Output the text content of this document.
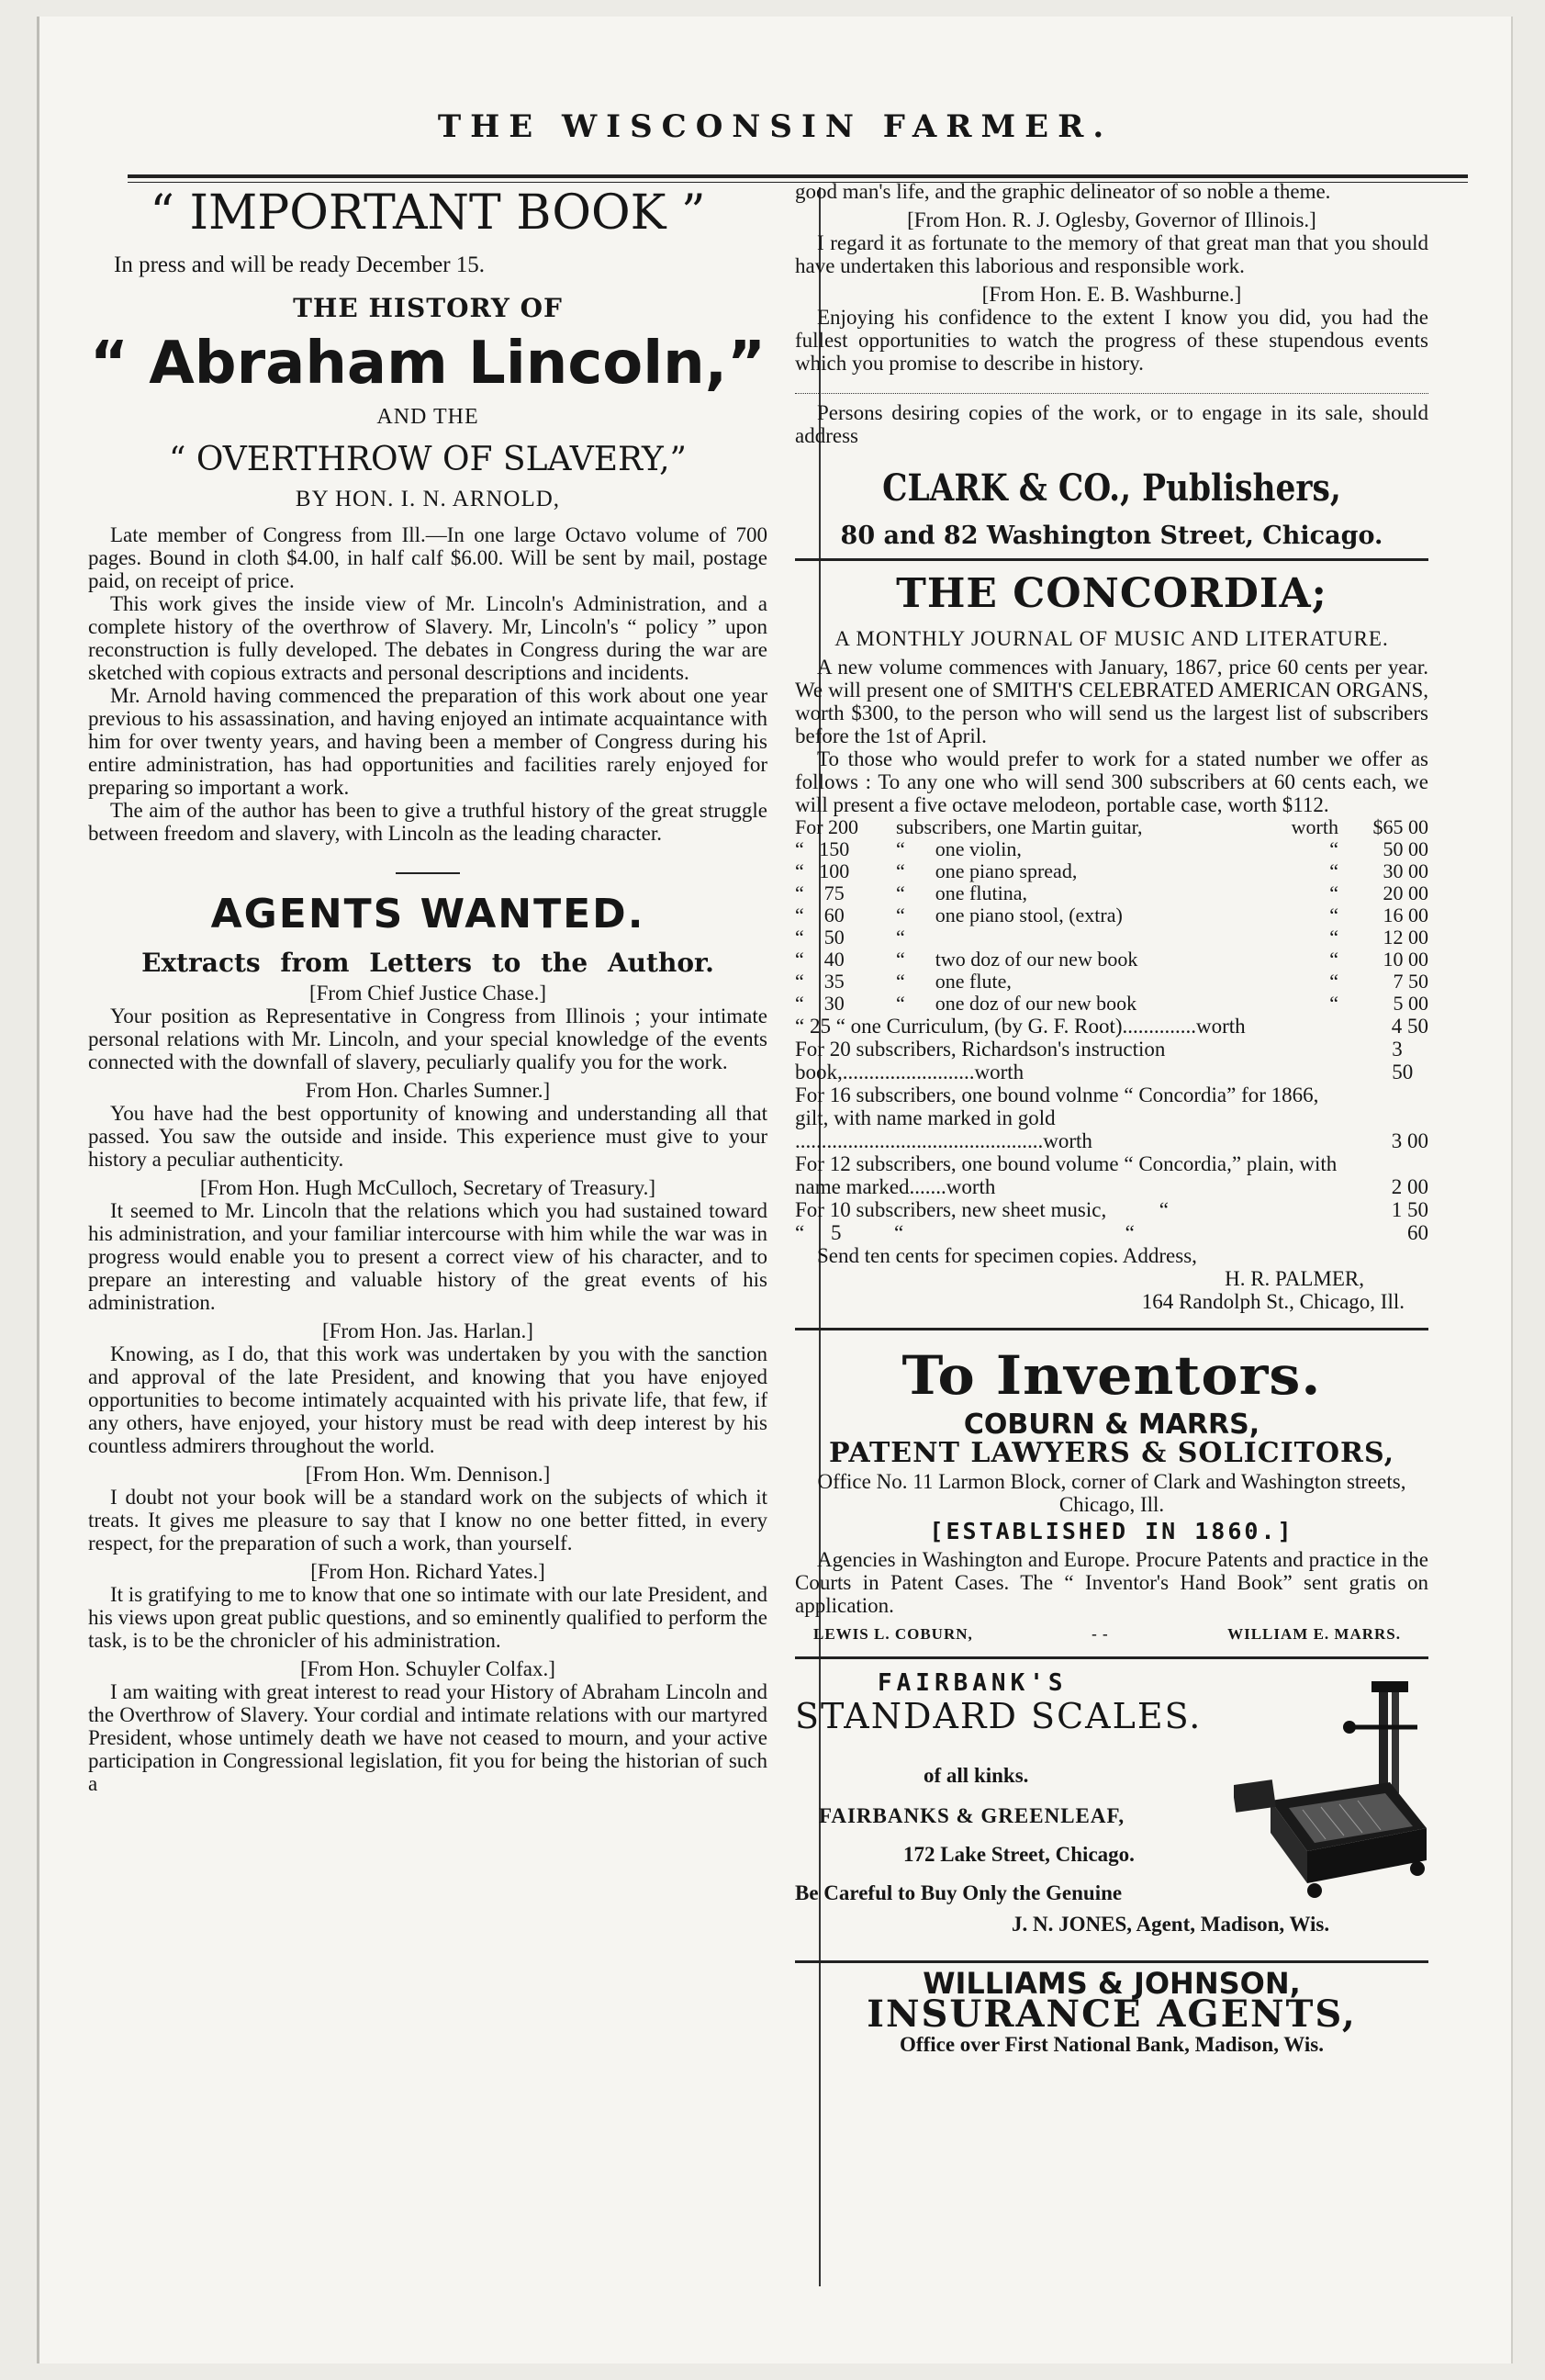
THE WISCONSIN FARMER.
“ IMPORTANT BOOK ”
In press and will be ready December 15.
THE HISTORY OF
“ Abraham Lincoln,”
AND THE
“ OVERTHROW OF SLAVERY,”
BY HON. I. N. ARNOLD,

Late member of Congress from Ill.—In one large Octavo volume of 700 pages. Bound in cloth $4.00, in half calf $6.00. Will be sent by mail, postage paid, on receipt of price.

This work gives the inside view of Mr. Lincoln's Administration, and a complete history of the overthrow of Slavery. Mr, Lincoln's “ policy ” upon reconstruction is fully developed. The debates in Congress during the war are sketched with copious extracts and personal descriptions and incidents.

Mr. Arnold having commenced the preparation of this work about one year previous to his assassination, and having enjoyed an intimate acquaintance with him for over twenty years, and having been a member of Congress during his entire administration, has had opportunities and facilities rarely enjoyed for preparing so important a work.

The aim of the author has been to give a truthful history of the great struggle between freedom and slavery, with Lincoln as the leading character.

AGENTS WANTED.
Extracts from Letters to the Author.
[From Chief Justice Chase.]

Your position as Representative in Congress from Illinois ; your intimate personal relations with Mr. Lincoln, and your special knowledge of the events connected with the downfall of slavery, peculiarly qualify you for the work.

From Hon. Charles Sumner.]

You have had the best opportunity of knowing and understanding all that passed. You saw the outside and inside. This experience must give to your history a peculiar authenticity.

[From Hon. Hugh McCulloch, Secretary of Treasury.]

It seemed to Mr. Lincoln that the relations which you had sustained toward his administration, and your familiar intercourse with him while the war was in progress would enable you to present a correct view of his character, and to prepare an interesting and valuable history of the great events of his administration.

[From Hon. Jas. Harlan.]

Knowing, as I do, that this work was undertaken by you with the sanction and approval of the late President, and knowing that you have enjoyed opportunities to become intimately acquainted with his private life, that few, if any others, have enjoyed, your history must be read with deep interest by his countless admirers throughout the world.

[From Hon. Wm. Dennison.]

I doubt not your book will be a standard work on the subjects of which it treats. It gives me pleasure to say that I know no one better fitted, in every respect, for the preparation of such a work, than yourself.

[From Hon. Richard Yates.]

It is gratifying to me to know that one so intimate with our late President, and his views upon great public questions, and so eminently qualified to perform the task, is to be the chronicler of his administration.

[From Hon. Schuyler Colfax.]

I am waiting with great interest to read your History of Abraham Lincoln and the Overthrow of Slavery. Your cordial and intimate relations with our martyred President, whose untimely death we have not ceased to mourn, and your active participation in Congressional legislation, fit you for being the historian of such a

good man's life, and the graphic delineator of so noble a theme.

[From Hon. R. J. Oglesby, Governor of Illinois.]

I regard it as fortunate to the memory of that great man that you should have undertaken this laborious and responsible work.

[From Hon. E. B. Washburne.]

Enjoying his confidence to the extent I know you did, you had the fullest opportunities to watch the progress of these stupendous events which you promise to describe in history.

Persons desiring copies of the work, or to engage in its sale, should address

CLARK & CO., Publishers,
80 and 82 Washington Street, Chicago.
THE CONCORDIA;
A MONTHLY JOURNAL OF MUSIC AND LITERATURE.

A new volume commences with January, 1867, price 60 cents per year. We will present one of SMITH'S CELEBRATED AMERICAN ORGANS, worth $300, to the person who will send us the largest list of subscribers before the 1st of April.

To those who would prefer to work for a stated number we offer as follows : To any one who will send 300 subscribers at 60 cents each, we will present a five octave melodeon, portable case, worth $112.

For 200	subscribers, one Martin guitar,	worth	$65 00
“   150	“      one violin,	“	50 00
“   100	“      one piano spread,	“	30 00
“    75	“      one flutina,	“	20 00
“    60	“      one piano stool, (extra)	“	16 00
“    50	“	“	12 00
“    40	“      two doz of our new book	“	10 00
“    35	“      one flute,	“	7 50
“    30	“      one doz of our new book	“	5 00
“ 25 “ one Curriculum, (by G. F. Root)..............worth	4 50
For 20 subscribers, Richardson's instruction book,.........................worth
3 50
For 16 subscribers, one bound volnme “ Concordia” for 1866, gilt, with name marked in gold ...............................................worth	3 00
For 12 subscribers, one bound volume “ Concordia,” plain, with name marked.......worth	2 00
For 10 subscribers, new sheet music,          “	1 50
“     5          “                                          “	60

Send ten cents for specimen copies. Address,

H. R. PALMER,
164 Randolph St., Chicago, Ill.
To Inventors.
COBURN & MARRS,
PATENT LAWYERS & SOLICITORS,

Office No. 11 Larmon Block, corner of Clark and Washington streets, Chicago, Ill.

[ESTABLISHED IN 1860.]

Agencies in Washington and Europe. Procure Patents and practice in the Courts in Patent Cases. The “ Inventor's Hand Book” sent gratis on application.

LEWIS L. COBURN,	- -	WILLIAM E. MARRS.
FAIRBANK'S
STANDARD SCALES.
of all kinks.
FAIRBANKS & GREENLEAF,
172 Lake Street, Chicago.
Be Careful to Buy Only the Genuine
J. N. JONES, Agent, Madison, Wis.
WILLIAMS & JOHNSON,
INSURANCE AGENTS,
Office over First National Bank, Madison, Wis.
